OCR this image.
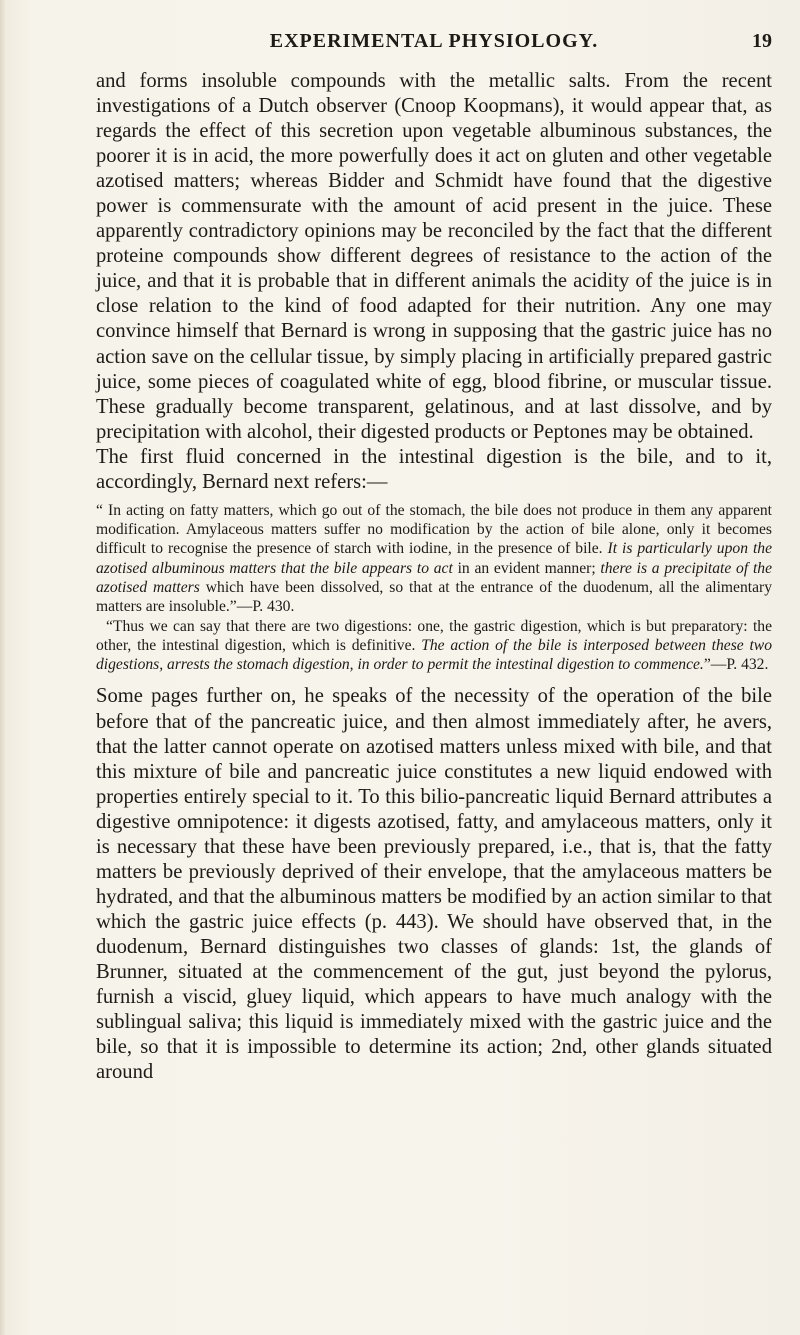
EXPERIMENTAL PHYSIOLOGY.	19

and forms insoluble compounds with the metallic salts. From the recent investigations of a Dutch observer (Cnoop Koopmans), it would appear that, as regards the effect of this secretion upon vegetable albuminous substances, the poorer it is in acid, the more powerfully does it act on gluten and other vegetable azotised matters; whereas Bidder and Schmidt have found that the digestive power is commensurate with the amount of acid present in the juice. These apparently contradictory opinions may be reconciled by the fact that the different proteine compounds show different degrees of resistance to the action of the juice, and that it is probable that in different animals the acidity of the juice is in close relation to the kind of food adapted for their nutrition. Any one may convince himself that Bernard is wrong in supposing that the gastric juice has no action save on the cellular tissue, by simply placing in artificially prepared gastric juice, some pieces of coagulated white of egg, blood fibrine, or muscular tissue. These gradually become transparent, gelatinous, and at last dissolve, and by precipitation with alcohol, their digested products or Peptones may be obtained.

The first fluid concerned in the intestinal digestion is the bile, and to it, accordingly, Bernard next refers:—

“ In acting on fatty matters, which go out of the stomach, the bile does not produce in them any apparent modification. Amylaceous matters suffer no modification by the action of bile alone, only it becomes difficult to recognise the presence of starch with iodine, in the presence of bile. It is particularly upon the azotised albuminous matters that the bile appears to act in an evident manner; there is a precipitate of the azotised matters which have been dissolved, so that at the entrance of the duodenum, all the alimentary matters are insoluble.”—P. 430.

“Thus we can say that there are two digestions: one, the gastric digestion, which is but preparatory: the other, the intestinal digestion, which is definitive. The action of the bile is interposed between these two digestions, arrests the stomach digestion, in order to permit the intestinal digestion to commence.”—P. 432.

Some pages further on, he speaks of the necessity of the operation of the bile before that of the pancreatic juice, and then almost immediately after, he avers, that the latter cannot operate on azotised matters unless mixed with bile, and that this mixture of bile and pancreatic juice constitutes a new liquid endowed with properties entirely special to it. To this bilio-pancreatic liquid Bernard attributes a digestive omnipotence: it digests azotised, fatty, and amylaceous matters, only it is necessary that these have been previously prepared, i.e., that is, that the fatty matters be previously deprived of their envelope, that the amylaceous matters be hydrated, and that the albuminous matters be modified by an action similar to that which the gastric juice effects (p. 443). We should have observed that, in the duodenum, Bernard distinguishes two classes of glands: 1st, the glands of Brunner, situated at the commencement of the gut, just beyond the pylorus, furnish a viscid, gluey liquid, which appears to have much analogy with the sublingual saliva; this liquid is immediately mixed with the gastric juice and the bile, so that it is impossible to determine its action; 2nd, other glands situated around
